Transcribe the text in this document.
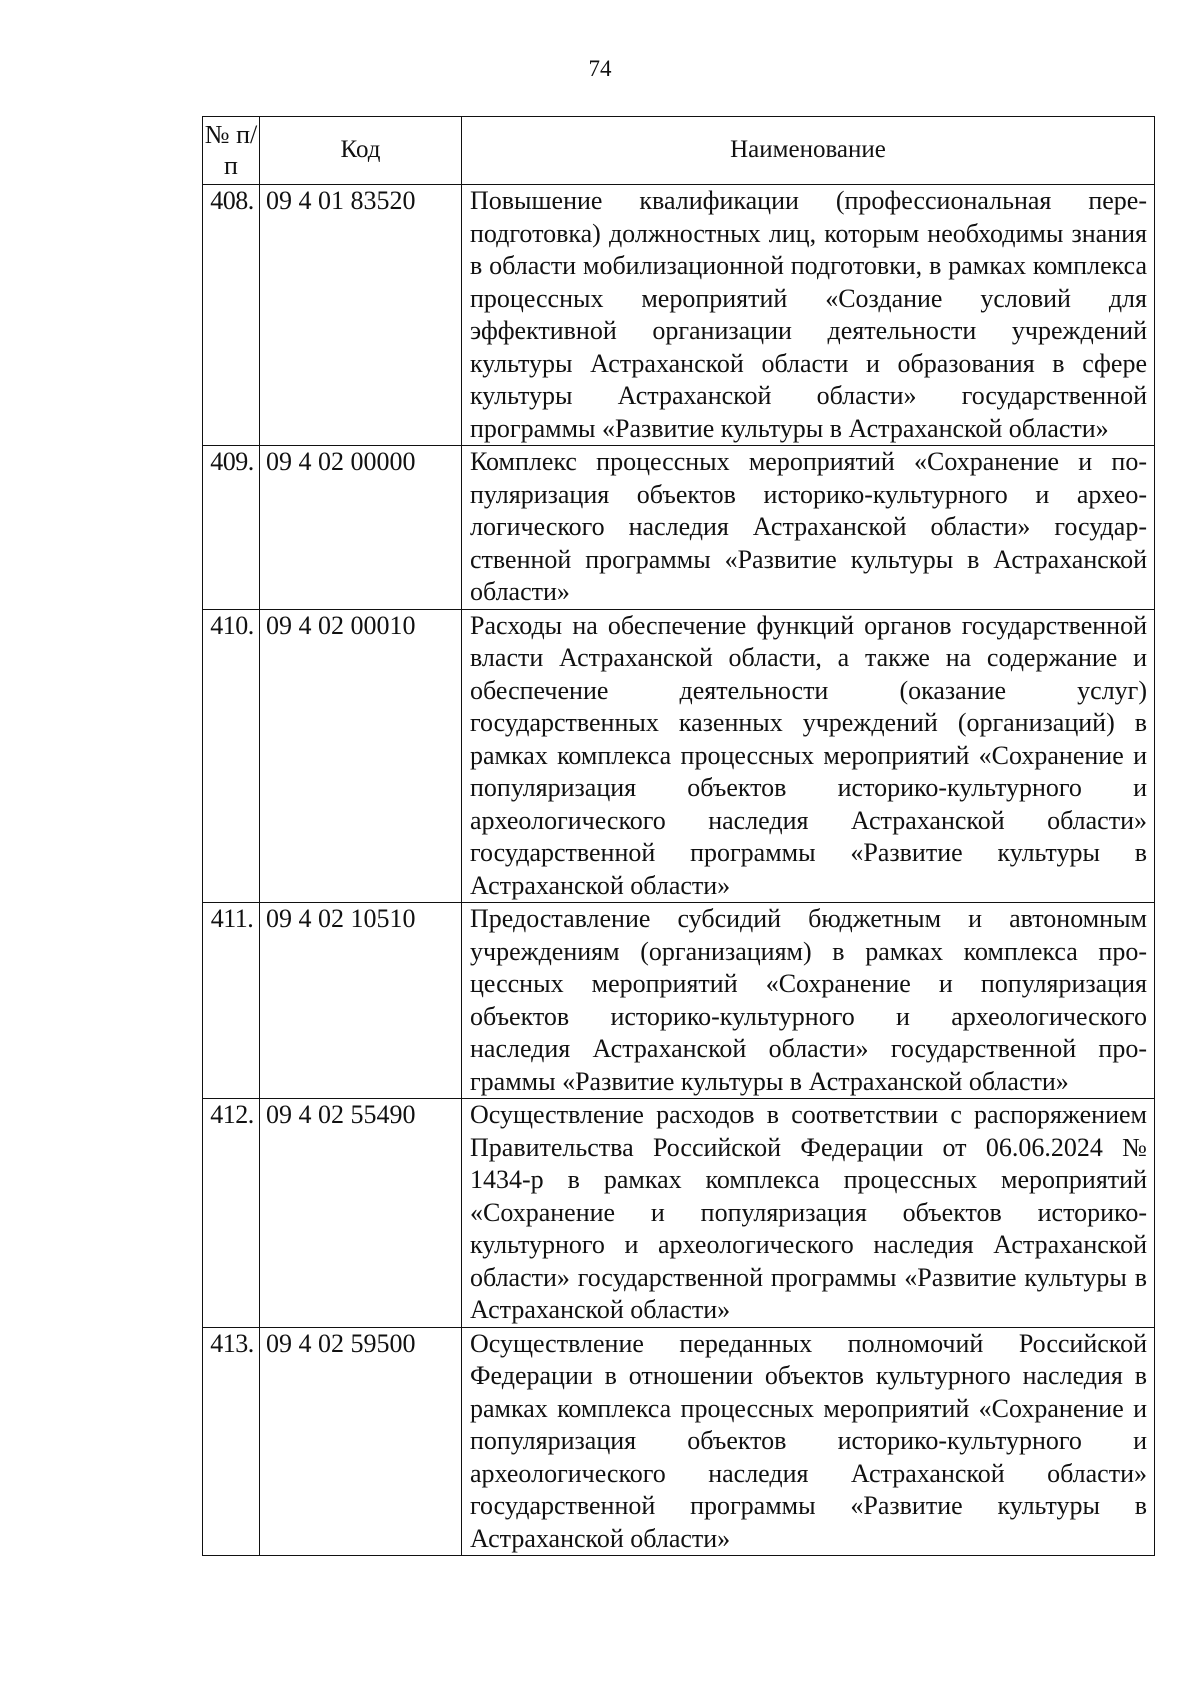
74
№ п/п	Код	Наименование
408.	09 4 01 83520	Повышение квалификации (профессиональная переподготовка) должностных лиц, которым необходимы знания в области мобилизационной подготовки, в рамках комплекса процессных мероприятий «Создание условий для эффективной организации деятельности учреждений культуры Астраханской области и образования в сфере культуры Астраханской области» государственной программы «Развитие культуры в Астраханской области»
409.	09 4 02 00000	Комплекс процессных мероприятий «Сохранение и популяризация объектов историко-культурного и археологического наследия Астраханской области» государственной программы «Развитие культуры в Астраханской области»
410.	09 4 02 00010	Расходы на обеспечение функций органов государственной власти Астраханской области, а также на содержание и обеспечение деятельности (оказание услуг) государственных казенных учреждений (организаций) в рамках комплекса процессных мероприятий «Сохранение и популяризация объектов историко-культурного и археологического наследия Астраханской области» государственной программы «Развитие культуры в Астраханской области»
411.	09 4 02 10510	Предоставление субсидий бюджетным и автономным учреждениям (организациям) в рамках комплекса процессных мероприятий «Сохранение и популяризация объектов историко-культурного и археологического наследия Астраханской области» государственной программы «Развитие культуры в Астраханской области»
412.	09 4 02 55490	Осуществление расходов в соответствии с распоряжением Правительства Российской Федерации от 06.06.2024 № 1434-р в рамках комплекса процессных мероприятий «Сохранение и популяризация объектов историко-культурного и археологического наследия Астраханской области» государственной программы «Развитие культуры в Астраханской области»
413.	09 4 02 59500	Осуществление переданных полномочий Российской Федерации в отношении объектов культурного наследия в рамках комплекса процессных мероприятий «Сохранение и популяризация объектов историко-культурного и археологического наследия Астраханской области» государственной программы «Развитие культуры в Астраханской области»
